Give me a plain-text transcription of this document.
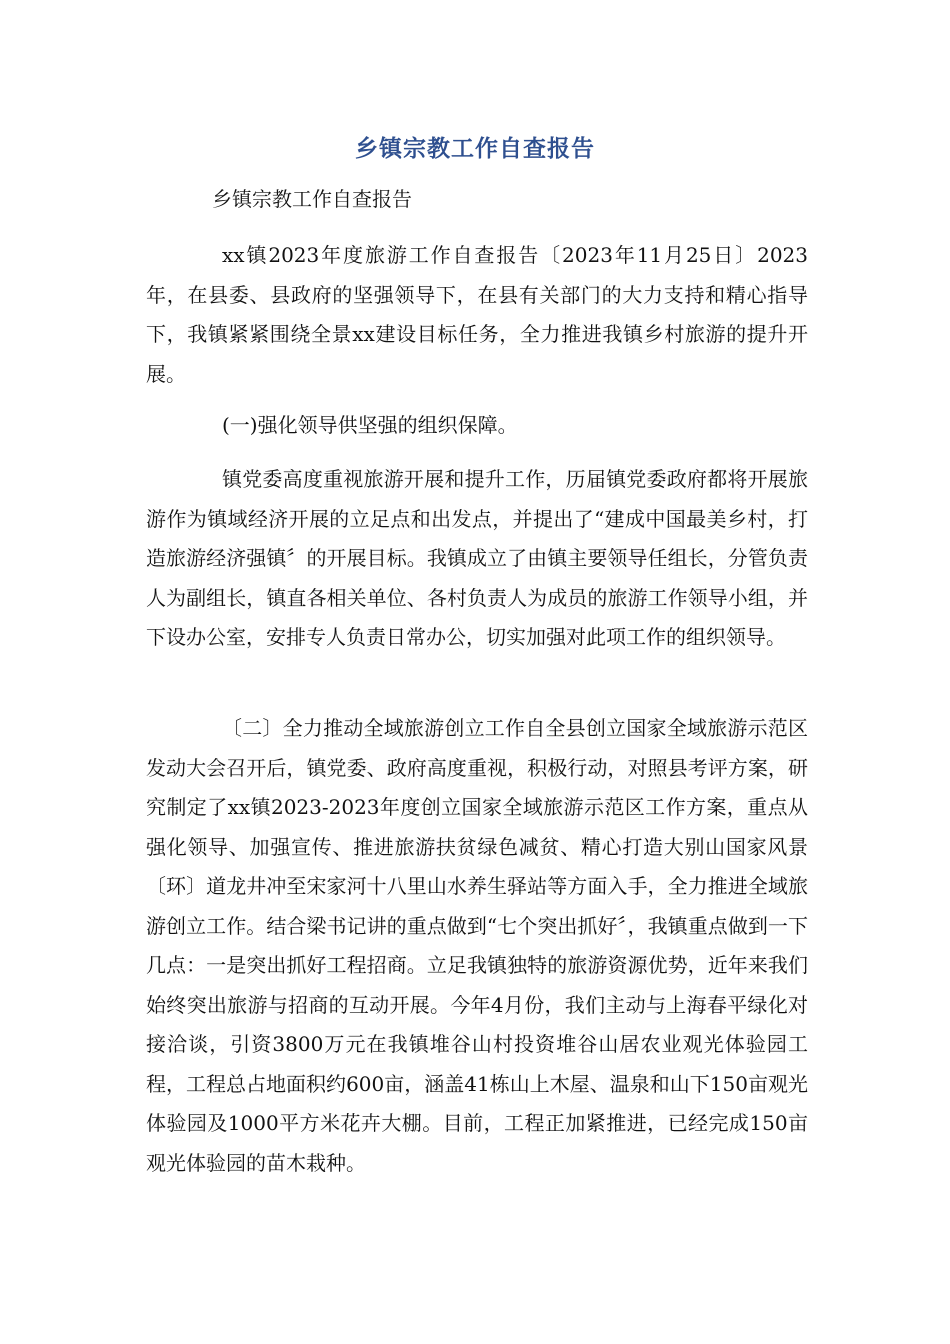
乡镇宗教工作自查报告

乡镇宗教工作自查报告

xx镇2023年度旅游工作自查报告〔2023年11月25日〕2023年，在县委、县政府的坚强领导下，在县有关部门的大力支持和精心指导下，我镇紧紧围绕全景xx建设目标任务，全力推进我镇乡村旅游的提升开展。

(一)强化领导供坚强的组织保障。

镇党委高度重视旅游开展和提升工作，历届镇党委政府都将开展旅游作为镇域经济开展的立足点和出发点，并提出了“建成中国最美乡村，打造旅游经济强镇〞的开展目标。我镇成立了由镇主要领导任组长，分管负责人为副组长，镇直各相关单位、各村负责人为成员的旅游工作领导小组，并下设办公室，安排专人负责日常办公，切实加强对此项工作的组织领导。

〔二〕全力推动全域旅游创立工作自全县创立国家全域旅游示范区发动大会召开后，镇党委、政府高度重视，积极行动，对照县考评方案，研究制定了xx镇2023-2023年度创立国家全域旅游示范区工作方案，重点从强化领导、加强宣传、推进旅游扶贫绿色减贫、精心打造大别山国家风景〔环〕道龙井冲至宋家河十八里山水养生驿站等方面入手，全力推进全域旅游创立工作。结合梁书记讲的重点做到“七个突出抓好〞，我镇重点做到一下几点：一是突出抓好工程招商。立足我镇独特的旅游资源优势，近年来我们始终突出旅游与招商的互动开展。今年4月份，我们主动与上海春平绿化对接洽谈，引资3800万元在我镇堆谷山村投资堆谷山居农业观光体验园工程，工程总占地面积约600亩，涵盖41栋山上木屋、温泉和山下150亩观光体验园及1000平方米花卉大棚。目前，工程正加紧推进，已经完成150亩观光体验园的苗木栽种。
